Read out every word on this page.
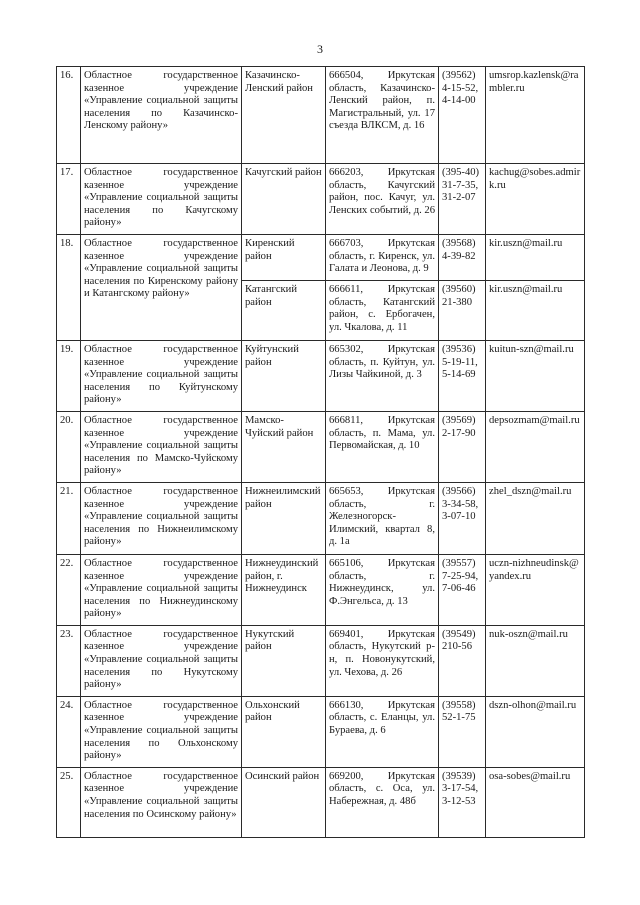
3
16.	Областное государственное казенное учреждение «Управление социальной защиты населения по Казачинско-Ленскому району»	Казачинско-Ленский район	666504, Иркутская область, Казачинско-Ленский район, п. Магистральный, ул. 17 съезда ВЛКСМ, д. 16	(39562)
4-15-52,
4-14-00	umsrop.kazlensk@rambler.ru
17.	Областное государственное казенное учреждение «Управление социальной защиты населения по Качугскому району»	Качугский район	666203, Иркутская область, Качугский район, пос. Качуг, ул. Ленских событий, д. 26	(395-40)
31-7-35,
31-2-07	kachug@sobes.admirk.ru
18.	Областное государственное казенное учреждение «Управление социальной защиты населения по Киренскому району и Катангскому району»	Киренский район	666703, Иркутская область, г. Киренск, ул. Галата и Леонова, д. 9	(39568)
4-39-82	kir.uszn@mail.ru
		Катангский район	666611, Иркутская область, Катангский район, с. Ербогачен, ул. Чкалова, д. 11	(39560)
21-380	kir.uszn@mail.ru
19.	Областное государственное казенное учреждение «Управление социальной защиты населения по Куйтунскому району»	Куйтунский район	665302, Иркутская область, п. Куйтун, ул. Лизы Чайкиной, д. 3	(39536)
5-19-11,
5-14-69	kuitun-szn@mail.ru
20.	Областное государственное казенное учреждение «Управление социальной защиты населения по Мамско-Чуйскому району»	Мамско-Чуйский район	666811, Иркутская область, п. Мама, ул. Первомайская, д. 10	(39569)
2-17-90	depsozmam@mail.ru
21.	Областное государственное казенное учреждение «Управление социальной защиты населения по Нижнеилимскому району»	Нижнеилимский район	665653, Иркутская область, г. Железногорск-Илимский, квартал 8, д. 1а	(39566)
3-34-58,
3-07-10	zhel_dszn@mail.ru
22.	Областное государственное казенное учреждение «Управление социальной защиты населения по Нижнеудинскому району»	Нижнеудинский район, г. Нижнеудинск	665106, Иркутская область, г. Нижнеудинск, ул. Ф.Энгельса, д. 13	(39557)
7-25-94,
7-06-46	uczn-nizhneudinsk@yandex.ru
23.	Областное государственное казенное учреждение «Управление социальной защиты населения по Нукутскому району»	Нукутский район	669401, Иркутская область, Нукутский р-н, п. Новонукутский, ул. Чехова, д. 26	(39549)
210-56	nuk-oszn@mail.ru
24.	Областное государственное казенное учреждение «Управление социальной защиты населения по Ольхонскому району»	Ольхонский район	666130, Иркутская область, с. Еланцы, ул. Бураева, д. 6	(39558)
52-1-75	dszn-olhon@mail.ru
25.	Областное государственное казенное учреждение «Управление социальной защиты населения по Осинскому району»	Осинский район	669200, Иркутская область, с. Оса, ул. Набережная, д. 48б	(39539)
3-17-54,
3-12-53	osa-sobes@mail.ru
